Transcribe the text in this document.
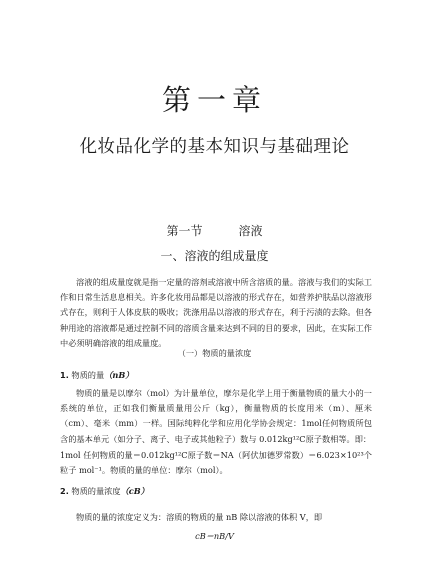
第一章
化妆品化学的基本知识与基础理论
第一节	溶液
一、溶液的组成量度

溶液的组成量度就是指一定量的溶剂或溶液中所含溶质的量。溶液与我们的实际工作和日常生活息息相关。许多化妆用品都是以溶液的形式存在，如营养护肤品以溶液形式存在，则利于人体皮肤的吸收；洗涤用品以溶液的形式存在，利于污渍的去除。但各种用途的溶液都是通过控制不同的溶质含量来达到不同的目的要求，因此，在实际工作中必须明确溶液的组成量度。

（一）物质的量浓度
1. 物质的量（nB）

物质的量是以摩尔（mol）为计量单位，摩尔是化学上用于衡量物质的量大小的一系统的单位，正如我们衡量质量用公斤（kg），衡量物质的长度用米（m）、厘米（cm）、毫米（mm）一样。国际纯粹化学和应用化学协会规定：1mol任何物质所包含的基本单元（如分子、离子、电子或其他粒子）数与 0.012kg¹²C原子数相等。即：

1mol 任何物质的量＝0.012kg¹²C原子数＝NA（阿伏加德罗常数）＝6.023×10²³个粒子 mol⁻¹。物质的量的单位：摩尔（mol）。

2. 物质的量浓度（cB）

物质的量的浓度定义为：溶质的物质的量 nB 除以溶液的体积 V，即

cB＝nB/V
